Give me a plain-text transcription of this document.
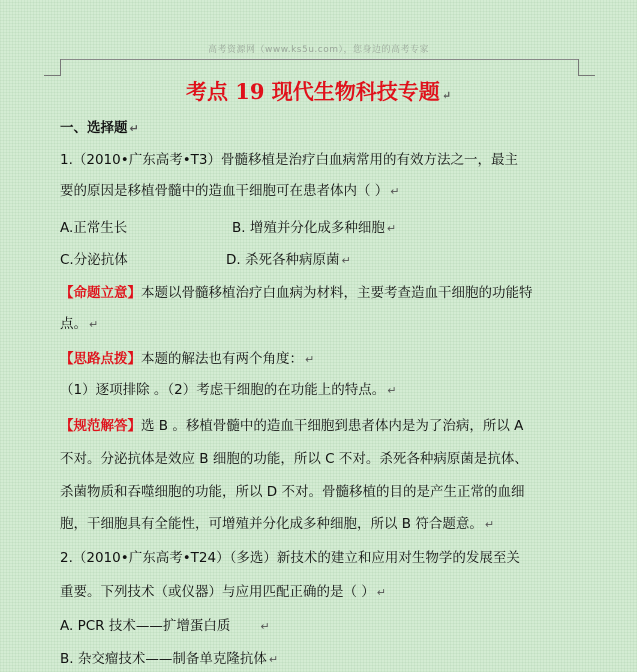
高考资源网（www.ks5u.com），您身边的高考专家
考点 19 现代生物科技专题 ↵
一、选择题 ↵
1.（2010•广东高考•T3）骨髓移植是治疗白血病常用的有效方法之一，最主
要的原因是移植骨髓中的造血干细胞可在患者体内（ ） ↵
A.正常生长	B. 增殖并分化成多种细胞 ↵
C.分泌抗体	D. 杀死各种病原菌 ↵
【命题立意】本题以骨髓移植治疗白血病为材料，主要考查造血干细胞的功能特
点。 ↵
【思路点拨】本题的解法也有两个角度： ↵
（1）逐项排除 。（2）考虑干细胞的在功能上的特点。 ↵
【规范解答】选 B 。移植骨髓中的造血干细胞到患者体内是为了治病，所以 A
不对。分泌抗体是效应 B 细胞的功能，所以 C 不对。杀死各种病原菌是抗体、
杀菌物质和吞噬细胞的功能，所以 D 不对。骨髓移植的目的是产生正常的血细
胞，干细胞具有全能性，可增殖并分化成多种细胞，所以 B 符合题意。 ↵
2.（2010•广东高考•T24）（多选）新技术的建立和应用对生物学的发展至关
重要。下列技术（或仪器）与应用匹配正确的是（ ） ↵
A. PCR 技术——扩增蛋白质	↵
B. 杂交瘤技术——制备单克隆抗体 ↵
